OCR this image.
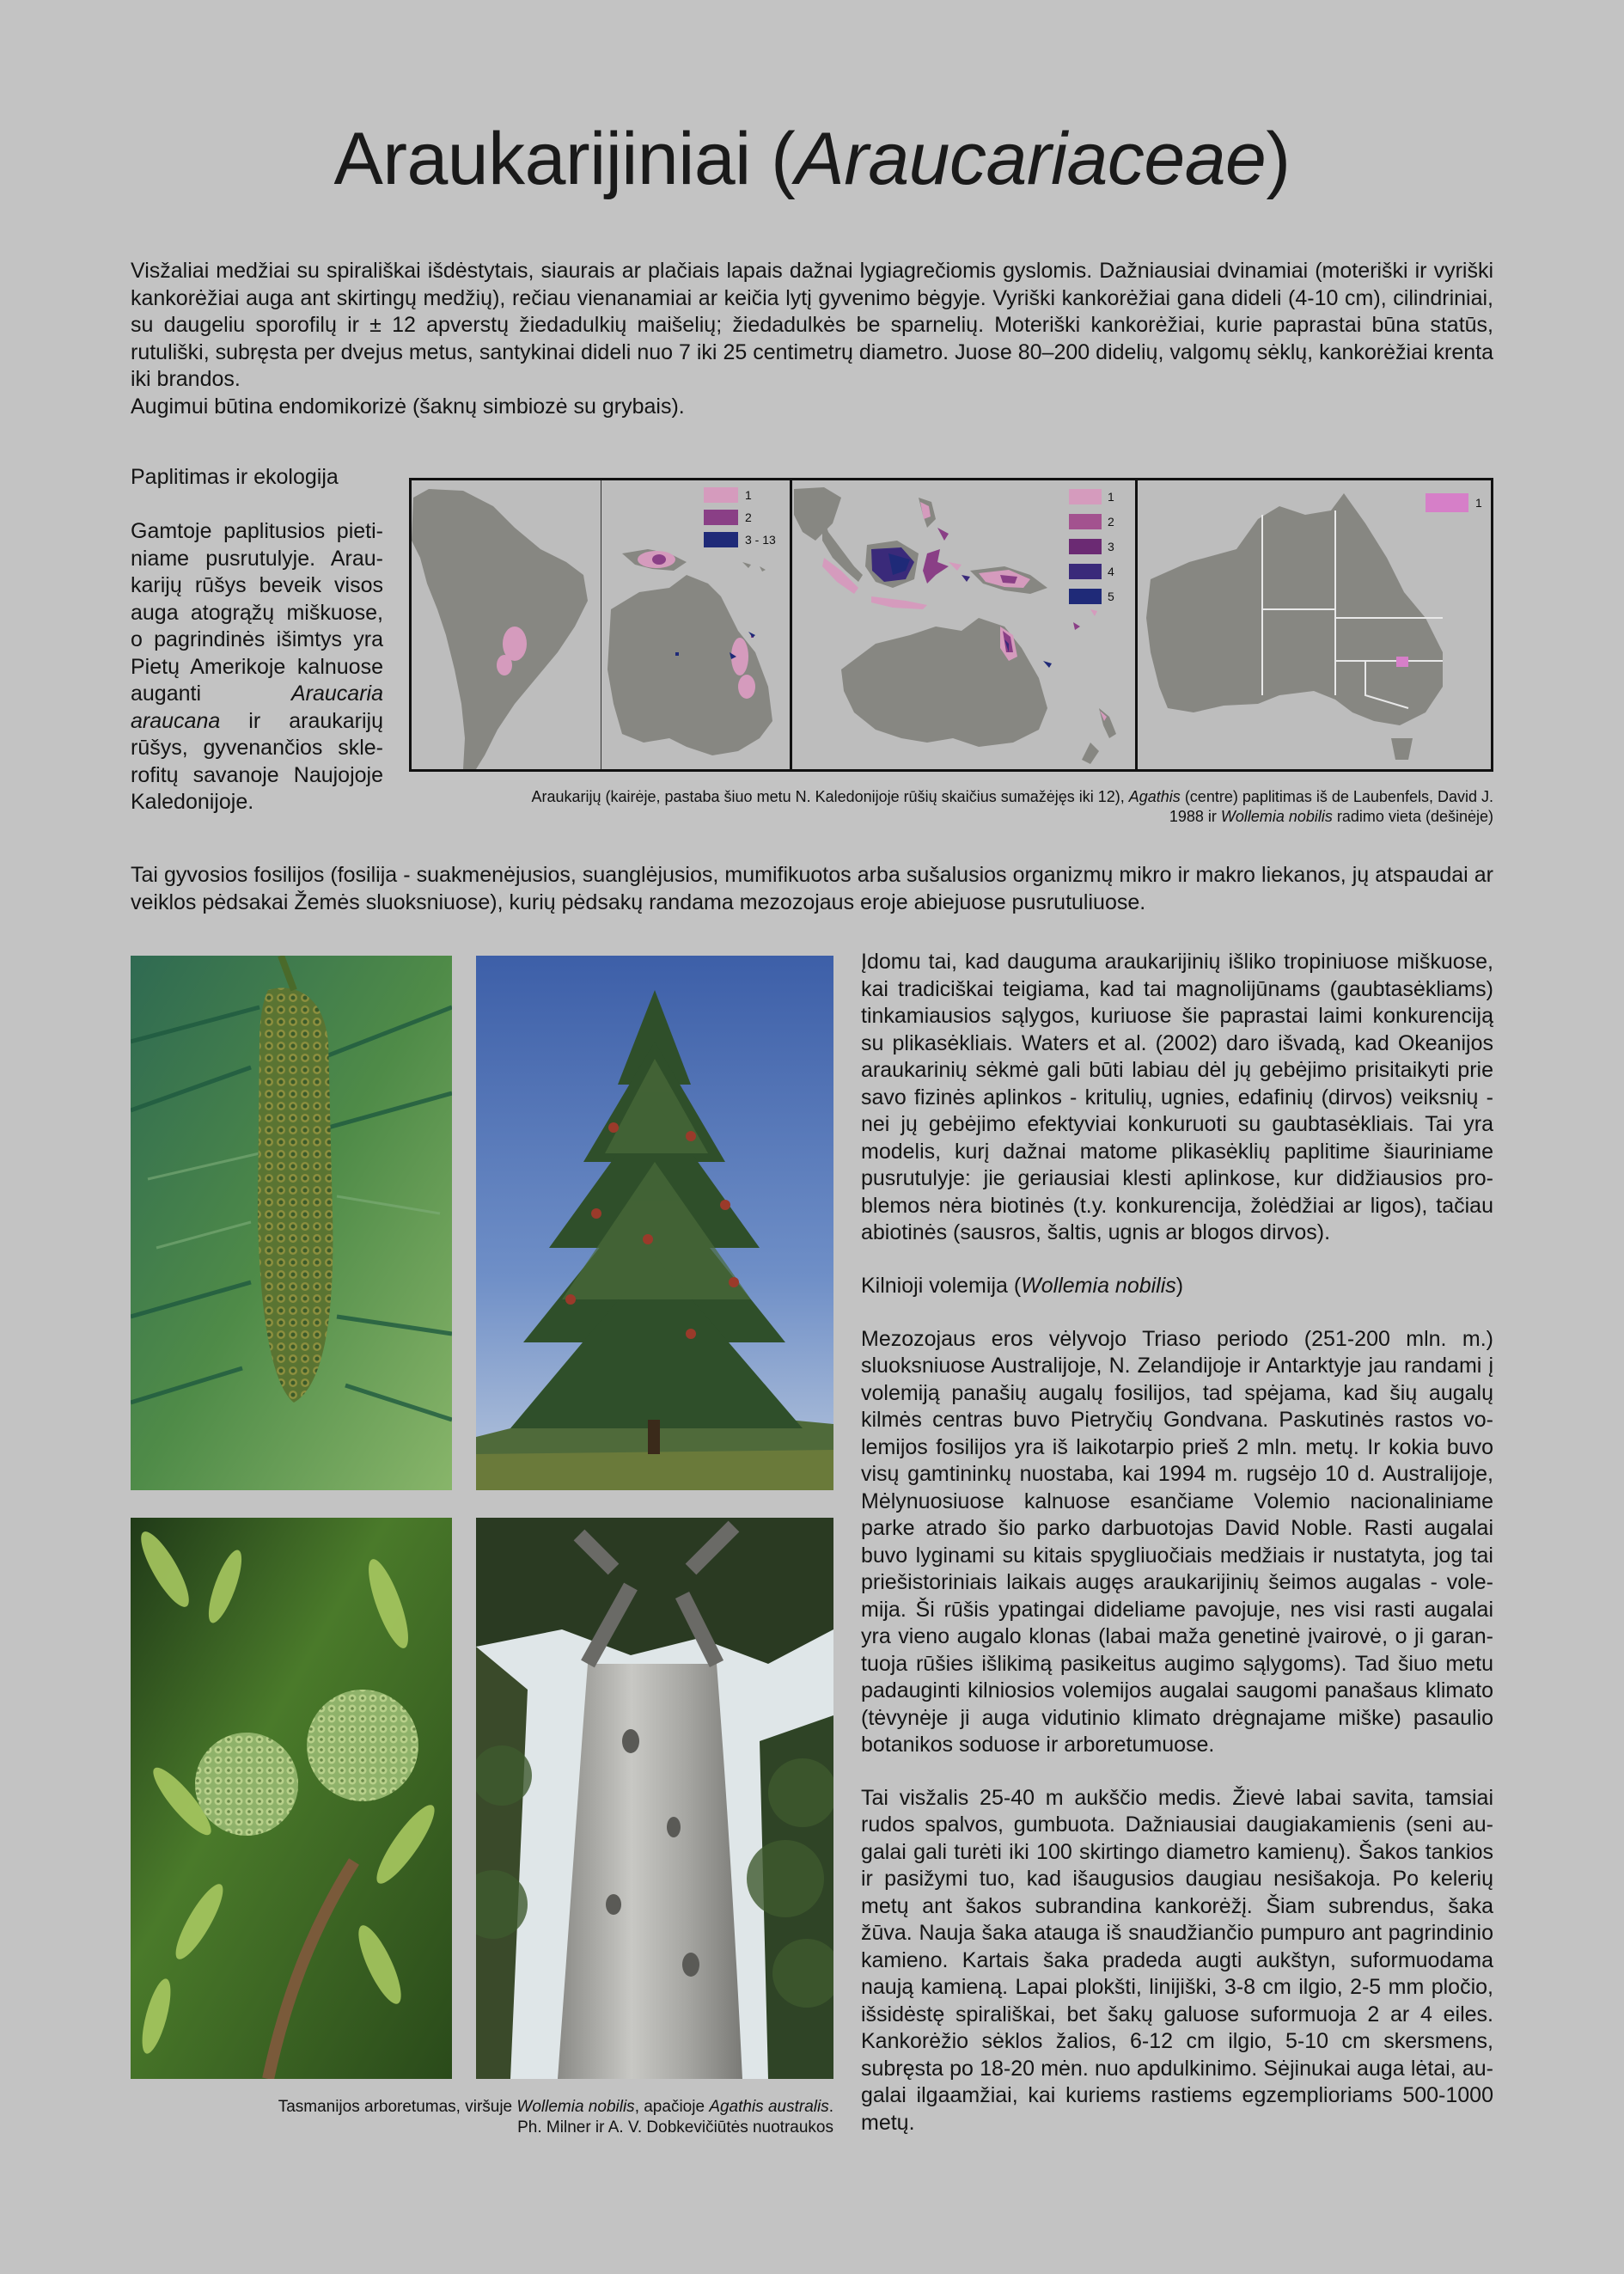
Araukarijiniai (Araucariaceae)
Visžaliai medžiai su spirališkai išdėstytais, siaurais ar plačiais lapais dažnai lygiagrečiomis gyslomis. Dažniausiai dvinamiai (moteriški ir vyriški kankorėžiai auga ant skirtingų medžių), rečiau vienanamiai ar keičia lytį gyvenimo bėgyje. Vyriški kankorėžiai gana dideli (4-10 cm), cilindriniai, su daugeliu sporofilų ir ± 12 apverstų žiedadulkių maišelių; žiedadulkės be sparnelių. Moteriški kankorėžiai, kurie paprastai būna statūs, rutuliški, subręsta per dvejus metus, santykinai dideli nuo 7 iki 25 centimetrų diametro. Juose 80–200 didelių, valgomų sėklų, kankorėžiai krenta iki brandos.
Augimui būtina endomikorizė (šaknų simbiozė su grybais).
Paplitimas ir ekologija
Gamtoje paplitusios pietiniame pusrutulyje. Araukarijų rūšys beveik visos auga atogrąžų miškuose, o pagrindinės išimtys yra Pietų Amerikoje kalnuose auganti Araucaria araucana ir araukarijų rūšys, gyvenančios sklerofitų savanoje Naujojoje Kaledonijoje.
1
2
3 - 13
1
2
3
4
5
1
Araukarijų (kairėje, pastaba šiuo metu N. Kaledonijoje rūšių skaičius sumažėjęs iki 12), Agathis (centre) paplitimas iš de Laubenfels, David J.
1988 ir Wollemia nobilis radimo vieta (dešinėje)
Tai gyvosios fosilijos (fosilija - suakmenėjusios, suanglėjusios, mumifikuotos arba sušalusios organizmų mikro ir makro liekanos, jų atspaudai ar veiklos pėdsakai Žemės sluoksniuose), kurių pėdsakų randama mezozojaus eroje abiejuose pusrutuliuose.
Tasmanijos arboretumas, viršuje Wollemia nobilis, apačioje Agathis australis.
Ph. Milner ir A. V. Dobkevičiūtės nuotraukos
Įdomu tai, kad dauguma araukarijinių išliko tropiniuose miškuose, kai tradiciškai teigiama, kad tai magnolijūnams (gaubtasėkliams) tinkamiausios sąlygos, kuriuose šie paprastai laimi konkurenciją su plikasėkliais. Waters et al. (2002) daro išvadą, kad Okeanijos araukarinių sėkmė gali būti labiau dėl jų gebėjimo prisitaikyti prie savo fizinės aplinkos - kritulių, ugnies, edafinių (dirvos) veiksnių - nei jų gebėjimo efektyviai konkuruoti su gaubtasėkliais. Tai yra modelis, kurį dažnai matome plikasėklių paplitime šiauriniame pusrutulyje: jie geriausiai klesti aplinkose, kur didžiausios problemos nėra biotinės (t.y. konkurencija, žolėdžiai ar ligos), tačiau abiotinės (sausros, šaltis, ugnis ar blogos dirvos).
Kilnioji volemija (Wollemia nobilis)
Mezozojaus eros vėlyvojo Triaso periodo (251-200 mln. m.) sluoksniuose Australijoje, N. Zelandijoje ir Antarktyje jau randami į volemiją panašių augalų fosilijos, tad spėjama, kad šių augalų kilmės centras buvo Pietryčių Gondvana. Paskutinės rastos volemijos fosilijos yra iš laikotarpio prieš 2 mln. metų. Ir kokia buvo visų gamtininkų nuostaba, kai 1994 m. rugsėjo 10 d. Australijoje, Mėlynuosiuose kalnuose esančiame Volemio nacionaliniame parke atrado šio parko darbuotojas David Noble. Rasti augalai buvo lyginami su kitais spygliuočiais medžiais ir nustatyta, jog tai priešistoriniais laikais augęs araukarijinių šeimos augalas - volemija. Ši rūšis ypatingai dideliame pavojuje, nes visi rasti augalai yra vieno augalo klonas (labai maža genetinė įvairovė, o ji garantuoja rūšies išlikimą pasikeitus augimo sąlygoms). Tad šiuo metu padauginti kilniosios volemijos augalai saugomi panašaus klimato (tėvynėje ji auga vidutinio klimato drėgnajame miške) pasaulio botanikos soduose ir arboretumuose.
Tai visžalis 25-40 m aukščio medis. Žievė labai savita, tamsiai rudos spalvos, gumbuota. Dažniausiai daugiakamienis (seni augalai gali turėti iki 100 skirtingo diametro kamienų). Šakos tankios ir pasižymi tuo, kad išaugusios daugiau nesišakoja. Po kelerių metų ant šakos subrandina kankorėžį. Šiam subrendus, šaka žūva. Nauja šaka atauga iš snaudžiančio pumpuro ant pagrindinio kamieno. Kartais šaka pradeda augti aukštyn, suformuodama naują kamieną. Lapai plokšti, linijiški, 3-8 cm ilgio, 2-5 mm pločio, išsidėstę spirališkai, bet šakų galuose suformuoja 2 ar 4 eiles. Kankorėžio sėklos žalios, 6-12 cm ilgio, 5-10 cm skersmens, subręsta po 18-20 mėn. nuo apdulkinimo. Sėjinukai auga lėtai, augalai ilgaamžiai, kai kuriems rastiems egzemplioriams 500-1000 metų.
